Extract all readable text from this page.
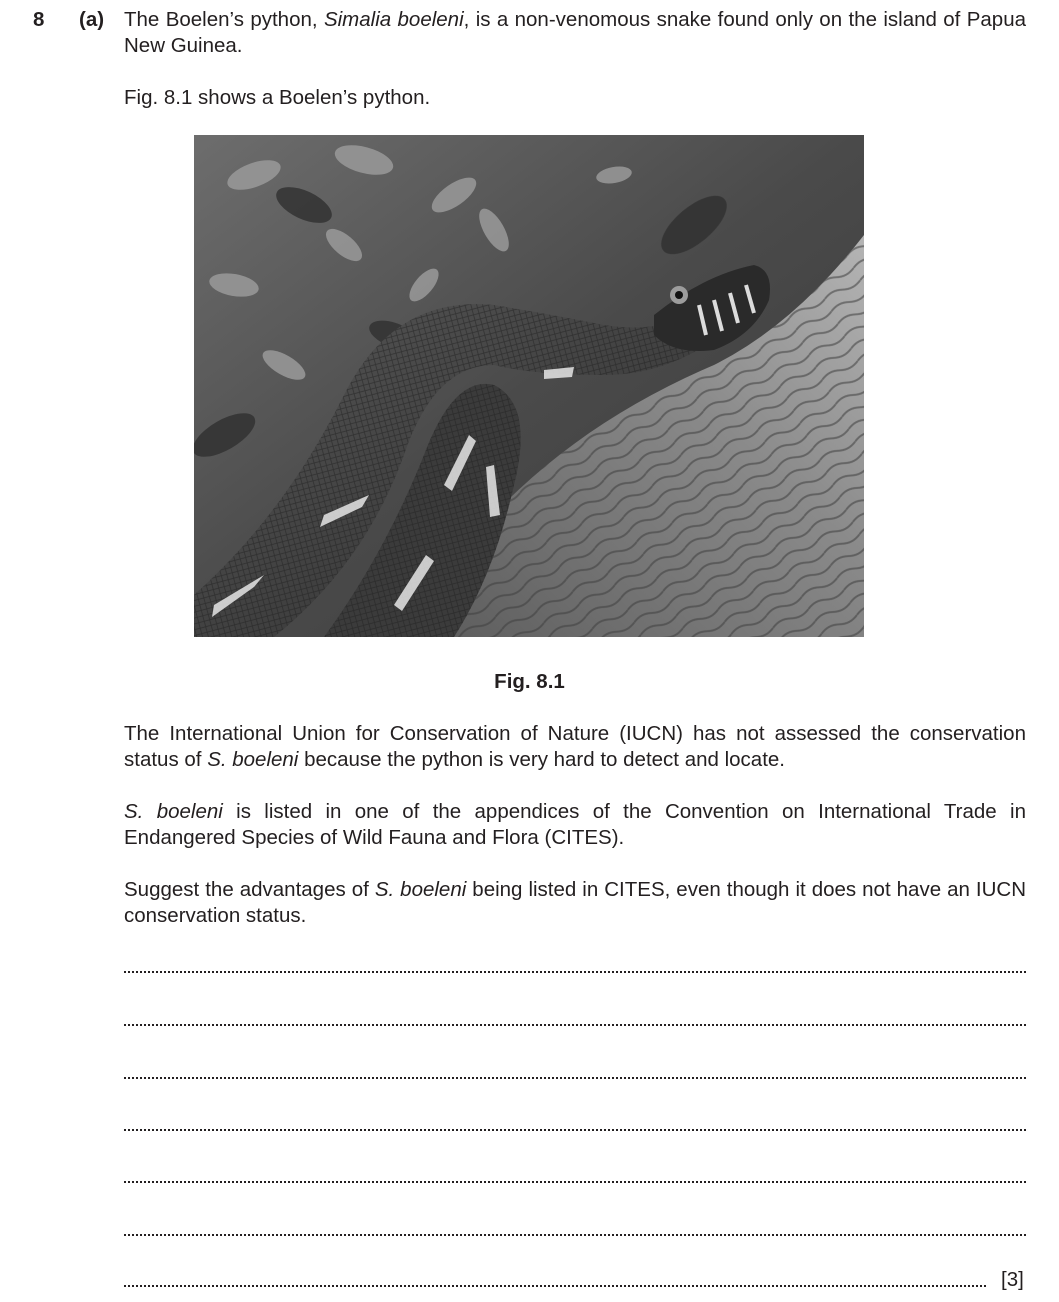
8 (a) The Boelen’s python, Simalia boeleni, is a non-venomous snake found only on the island of Papua New Guinea.
Fig. 8.1 shows a Boelen’s python.
Fig. 8.1
The International Union for Conservation of Nature (IUCN) has not assessed the conservation status of S. boeleni because the python is very hard to detect and locate.
S. boeleni is listed in one of the appendices of the Convention on International Trade in Endangered Species of Wild Fauna and Flora (CITES).
Suggest the advantages of S. boeleni being listed in CITES, even though it does not have an IUCN conservation status.
[3]
